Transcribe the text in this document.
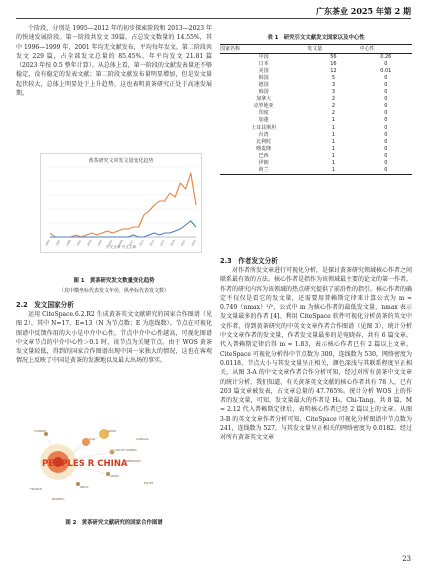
广东茶业 2025 年第 2 期

个阶段，分别是 1995—2012 年的初步探索阶段和 2013—2023 年的快速发展阶段。第一阶段共发文 39篇，占总发文数量的 14.55%，其中 1996—1999 年、2001 年均无文献发布，平均每年发文。第二阶段共发文 229 篇，占全部发文总量的 85.45%，年平均发文 21.81 篇（2023 年按 0.5 整年计算）。从总体上看，第一阶段的文献发表量还不够稳定，没有稳定的发表文献；第二阶段文献发布量明显增加，但是发文量起伏较大，总体上明显处于上升趋势，这也表明黄茶研究正处于高速发展期。

黄茶研究文章发文量变化趋势
1995	1997	1999	2001	2003	2005	2007	2009	2011	2013	2015	2017	2019	2021	2023
中文文章 外文文章
图 1　黄茶研究发文数量变化趋势
（其中横坐标代表发文年份，纵坐标代表发文数）

2.2　发文国家分析

运用 CiteSpace.6.2.R2 生成黄茶英文文献研究的国家合作图谱（见图 2），其中 N=17，E=13（N 为节点数；E 为连线数）。节点在可视化图谱中反馈作用的大小是中介中心性，节点中介中心性越高，可视化图谱中文章节点的中介中心性＞0.1 时，该节点为关键节点。由于 WOS 黄茶发文量较低，得到的国家合作图谱出现中国一家独大的情况，这也在客观情况上反映了中国是黄茶的发源地以及最大出场的事实。

PEOPLES R CHINA
JAPAN
USA
SOUTH KOREA
INDIA
TAIWAN
SPAIN
GERMANY
CANADA
FRANCE
NIGERIA
EGYPT
图 2　黄茶研究文献研究的国家合作图谱
表 1　研究引文文献发文国家以及中心性
国家名称	发文量	中心性
中国	56	0.26
日本	16	0
美国	12	0.01
韩国	5	0
德国	3	0
韩国	3	0
加拿大	2	0
克罗地亚	2	0
印度	2	0
加蓬	1	0
土耳其斯坦	1	0
台湾	1	0
比利时	1	0
喀麦隆	1	0
巴西	1	0
伊朗	1	0
荷兰	1	0

2.3　作者发文分析

对作者所发文章进行可视化分析，是探讨黄茶研究领域核心作者之间联系最有效的方法。核心作者是指作为该领域最主要的论文的第一作者，作者的研究内容为该领域的热点研究提供了前沿性的指引。核心作者的确定不仅仅是看它的发文量，还需要用普赖斯定律来计算公式为 m ≈ 0.749（nmax）¹/²，公式中 m 为核心作者的最低发文量，nmax 表示发文量最多的作者 [4]。利用 CiteSpace 软件可视化分析黄茶的英文中文作者，得到黄茶研究的中英文文章作者合作图谱（见图 3），统计分析中文文章作者的发文量，作者发文量最多的是宛晓春，共有 6 篇文章。代入普赖斯定律后得 m ≈ 1.83，表示核心作者已有 2 篇以上文章。CiteSpace 可视化分析得中节点数为 300，连线数为 530，网络密度为 0.0118，节点大小与其发文量呈正相关，颜色深浅与其联系程度呈正相关，从图 3-A 的中文文章作者合作分析可知，经过对所有黄茶中文文章的统计分析，我们知道，有关黄茶英文文献的核心作者共有 78 人，已有 203 篇文章被发表，占文章总量的 47.765%。统计分析 WOS 上的作者的发文量，可知，发文量最大的作者是 H₀，Chi-Tang，共 8 篇，M ≈ 2.12 代入普赖斯定律后，表明核心作者已经 2 篇以上的文章。从图 3-B 的英文文章作者分析可知，CiteSpace 可视化分析图谱中节点数为 241，连线数为 527，与其发文量呈正相关的网络密度为 0.0182。经过对所有黄茶英文文章

23
